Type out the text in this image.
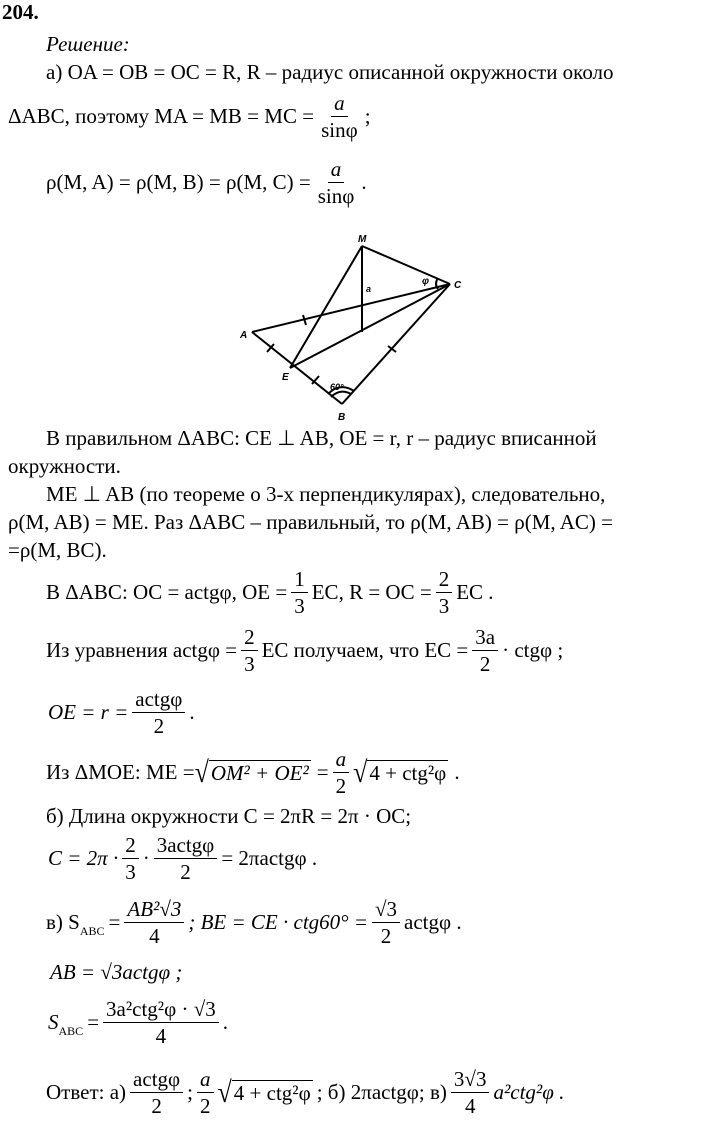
204.
Решение:
а) OA = OB = OC = R, R – радиус описанной окружности около
ΔABC, поэтому MA = MB = MC = $\frac{a}{\sin\varphi}$ ;
ρ(M, A) = ρ(M, B) = ρ(M, $C) = \frac{a}{\sin\varphi}$ .
M
C
A
E
B
a
φ
60°
В правильном ΔABC: CE ⊥ AB, OE = r, r – радиус вписанной
окружности.
ME ⊥ AB (по теореме о 3-х перпендикулярах), следовательно,
ρ(M, AB) = ME. Раз ΔABC – правильный, то ρ(M, AB) = ρ(M, AC) =
=ρ(M, BC).
В ΔABC: OC = actgφ, OE = $\frac{1}{3}$ EC, R = OC = $\frac{2}{3}$ EC .
Из уравнения actgφ = $\frac{2}{3}$ EC получаем, что EC = $\frac{3a}{2} \cdot ctg\varphi$ ;
OE = $r = \frac{\text{actgφ}}{2}$ .
Из ΔMOE: ME = √ $OM^2 + OE^2 = \frac{a}{2}$ √ 4 + ctg²φ .
б) Длина окружности C = 2πR = 2π · OC;
$C = 2\pi \cdot \frac{2}{3} \cdot \frac{\text{3actgφ}}{2}$ = 2πactgφ .
в) $S_{ABC} = \frac{\text{AB²√3}}{4}$ ; BE = CE · $ctg60^\circ = \frac{√3}{2}$ actgφ .
AB = √3actgφ ;
$S_{ABC} = \frac{\text{3a²ctg²φ · √3}}{4}$ .
Ответ: $а) \frac{\text{actgφ}}{2}$ ; $\frac{a}{2}$ √ 4 + ctg²φ ; б) 2πactgφ; $в) \frac{3√3}{4} a^2ctg^2\varphi$ .
